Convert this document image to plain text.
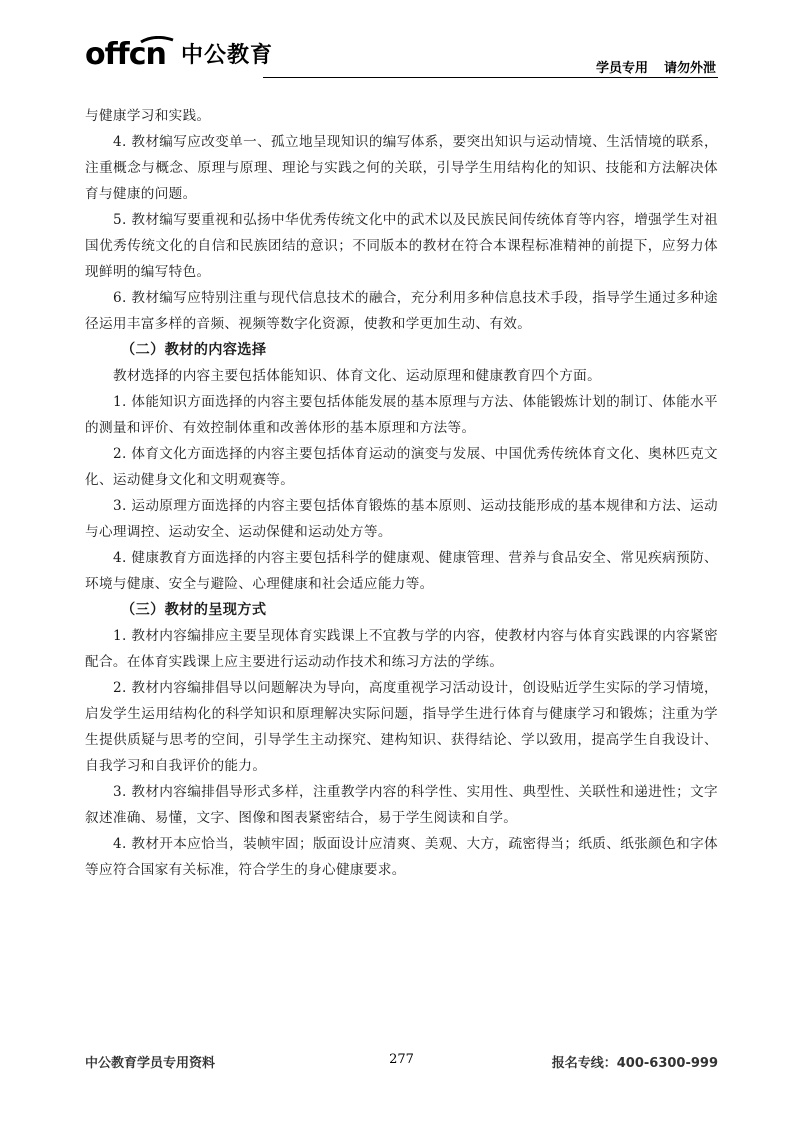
offcn 中公教育
学员专用 请勿外泄

与健康学习和实践。

4. 教材编写应改变单一、孤立地呈现知识的编写体系，要突出知识与运动情境、生活情境的联系，注重概念与概念、原理与原理、理论与实践之何的关联，引导学生用结构化的知识、技能和方法解决体育与健康的问题。

5. 教材编写要重视和弘扬中华优秀传统文化中的武术以及民族民间传统体育等内容，增强学生对祖国优秀传统文化的自信和民族团结的意识；不同版本的教材在符合本课程标准精神的前提下，应努力体现鲜明的编写特色。

6. 教材编写应特别注重与现代信息技术的融合，充分利用多种信息技术手段，指导学生通过多种途径运用丰富多样的音频、视频等数字化资源，使教和学更加生动、有效。

（二）教材的内容选择

教材选择的内容主要包括体能知识、体育文化、运动原理和健康教育四个方面。

1. 体能知识方面选择的内容主要包括体能发展的基本原理与方法、体能锻炼计划的制订、体能水平的测量和评价、有效控制体重和改善体形的基本原理和方法等。

2. 体育文化方面选择的内容主要包括体育运动的演变与发展、中国优秀传统体育文化、奥林匹克文化、运动健身文化和文明观赛等。

3. 运动原理方面选择的内容主要包括体育锻炼的基本原则、运动技能形成的基本规律和方法、运动与心理调控、运动安全、运动保健和运动处方等。

4. 健康教育方面选择的内容主要包括科学的健康观、健康管理、营养与食品安全、常见疾病预防、环境与健康、安全与避险、心理健康和社会适应能力等。

（三）教材的呈现方式

1. 教材内容编排应主要呈现体育实践课上不宜教与学的内容，使教材内容与体育实践课的内容紧密配合。在体育实践课上应主要进行运动动作技术和练习方法的学练。

2. 教材内容编排倡导以问题解决为导向，高度重视学习活动设计，创设贴近学生实际的学习情境，启发学生运用结构化的科学知识和原理解决实际问题，指导学生进行体育与健康学习和锻炼；注重为学生提供质疑与思考的空间，引导学生主动探究、建构知识、获得结论、学以致用，提高学生自我设计、自我学习和自我评价的能力。

3. 教材内容编排倡导形式多样，注重教学内容的科学性、实用性、典型性、关联性和递进性；文字叙述准确、易懂，文字、图像和图表紧密结合，易于学生阅读和自学。

4. 教材开本应恰当，装帧牢固；版面设计应清爽、美观、大方，疏密得当；纸质、纸张颜色和字体等应符合国家有关标准，符合学生的身心健康要求。

中公教育学员专用资料	277	报名专线：400-6300-999
